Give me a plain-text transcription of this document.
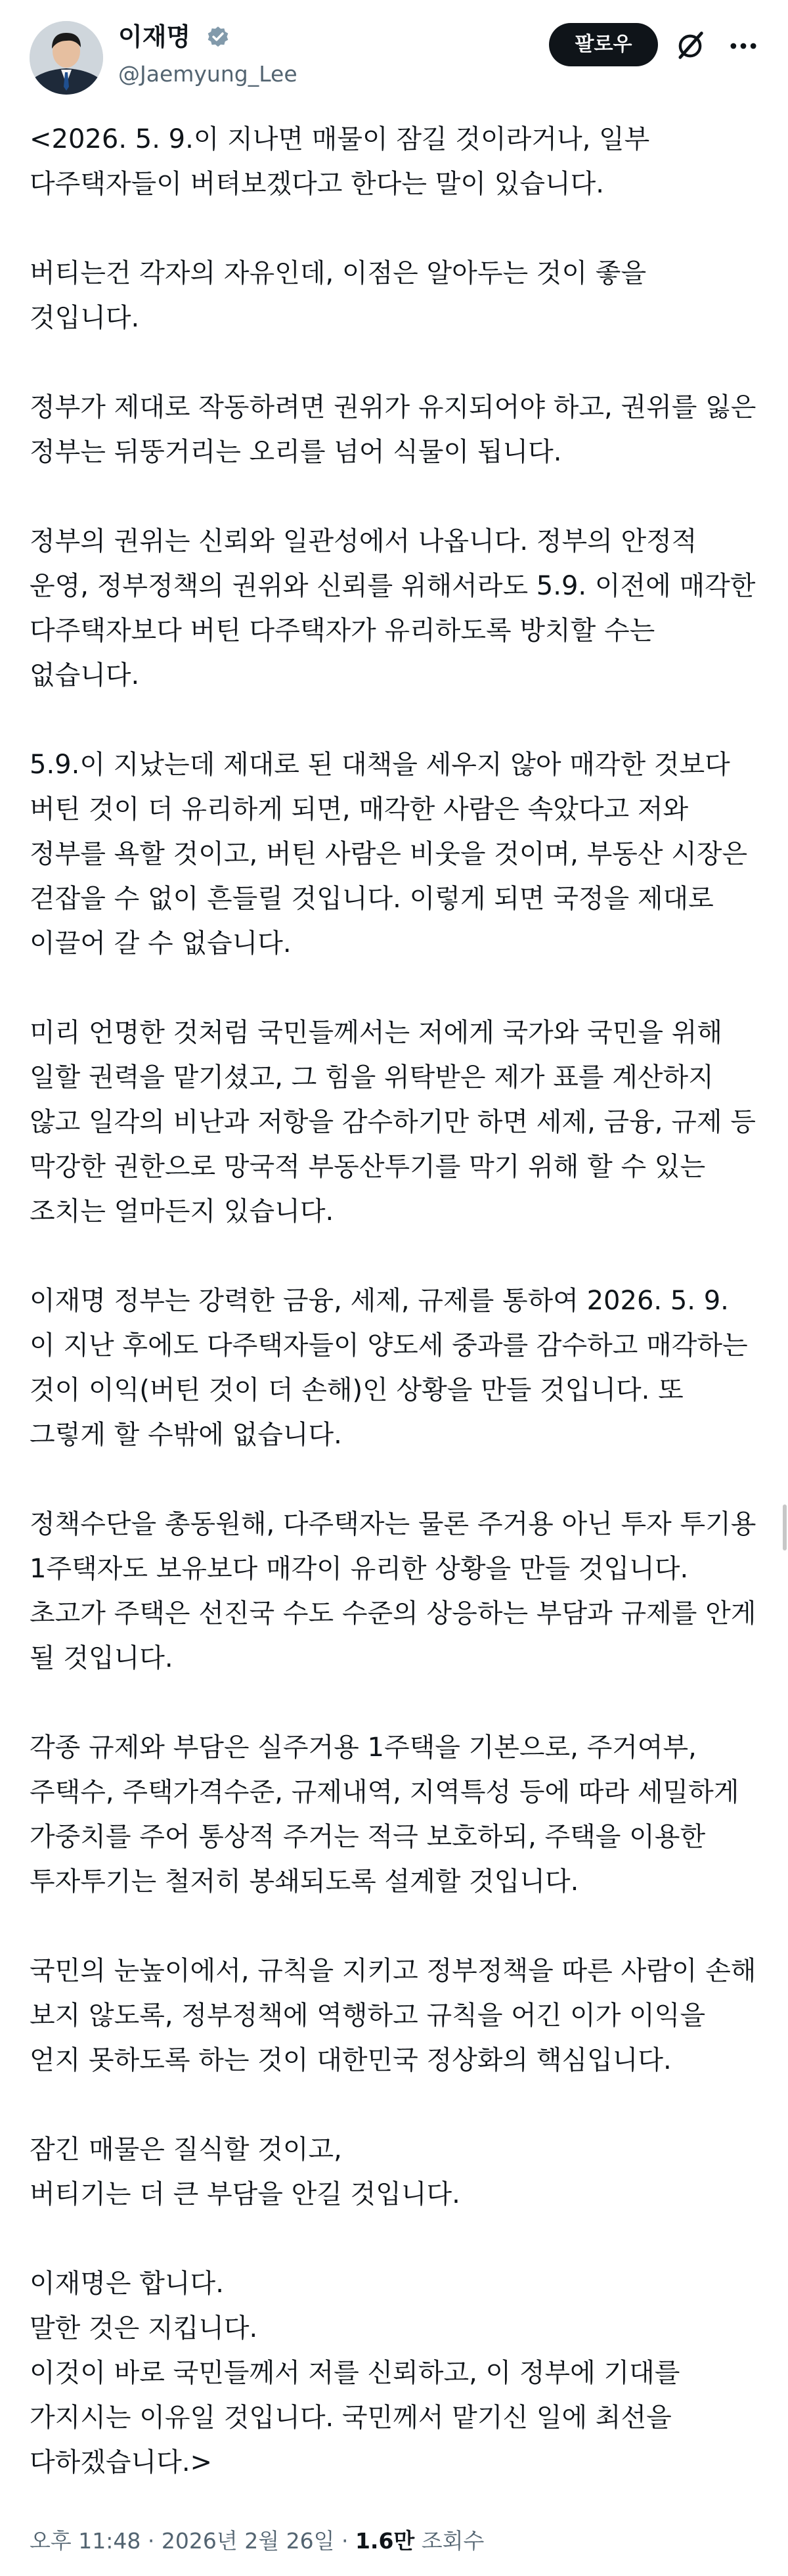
이재명
@Jaemyung_Lee
팔로우

<2026. 5. 9.이 지나면 매물이 잠길 것이라거나, 일부 다주택자들이 버텨보겠다고 한다는 말이 있습니다.

버티는건 각자의 자유인데, 이점은 알아두는 것이 좋을 것입니다.

정부가 제대로 작동하려면 권위가 유지되어야 하고, 권위를 잃은 정부는 뒤뚱거리는 오리를 넘어 식물이 됩니다.

정부의 권위는 신뢰와 일관성에서 나옵니다. 정부의 안정적 운영, 정부정책의 권위와 신뢰를 위해서라도 5.9. 이전에 매각한 다주택자보다 버틴 다주택자가 유리하도록 방치할 수는 없습니다.

5.9.이 지났는데 제대로 된 대책을 세우지 않아 매각한 것보다 버틴 것이 더 유리하게 되면, 매각한 사람은 속았다고 저와 정부를 욕할 것이고, 버틴 사람은 비웃을 것이며, 부동산 시장은 걷잡을 수 없이 흔들릴 것입니다. 이렇게 되면 국정을 제대로 이끌어 갈 수 없습니다.

미리 언명한 것처럼 국민들께서는 저에게 국가와 국민을 위해 일할 권력을 맡기셨고, 그 힘을 위탁받은 제가 표를 계산하지 않고 일각의 비난과 저항을 감수하기만 하면 세제, 금융, 규제 등 막강한 권한으로 망국적 부동산투기를 막기 위해 할 수 있는 조치는 얼마든지 있습니다.

이재명 정부는 강력한 금융, 세제, 규제를 통하여 2026. 5. 9. 이 지난 후에도 다주택자들이 양도세 중과를 감수하고 매각하는 것이 이익(버틴 것이 더 손해)인 상황을 만들 것입니다. 또 그렇게 할 수밖에 없습니다.

정책수단을 총동원해, 다주택자는 물론 주거용 아닌 투자 투기용 1주택자도 보유보다 매각이 유리한 상황을 만들 것입니다. 초고가 주택은 선진국 수도 수준의 상응하는 부담과 규제를 안게 될 것입니다.

각종 규제와 부담은 실주거용 1주택을 기본으로, 주거여부, 주택수, 주택가격수준, 규제내역, 지역특성 등에 따라 세밀하게 가중치를 주어 통상적 주거는 적극 보호하되, 주택을 이용한 투자투기는 철저히 봉쇄되도록 설계할 것입니다.

국민의 눈높이에서, 규칙을 지키고 정부정책을 따른 사람이 손해 보지 않도록, 정부정책에 역행하고 규칙을 어긴 이가 이익을 얻지 못하도록 하는 것이 대한민국 정상화의 핵심입니다.

잠긴 매물은 질식할 것이고,
버티기는 더 큰 부담을 안길 것입니다.

이재명은 합니다.
말한 것은 지킵니다.
이것이 바로 국민들께서 저를 신뢰하고, 이 정부에 기대를 가지시는 이유일 것입니다. 국민께서 맡기신 일에 최선을 다하겠습니다.>

오후 11:48 · 2026년 2월 26일 · 1.6만 조회수
